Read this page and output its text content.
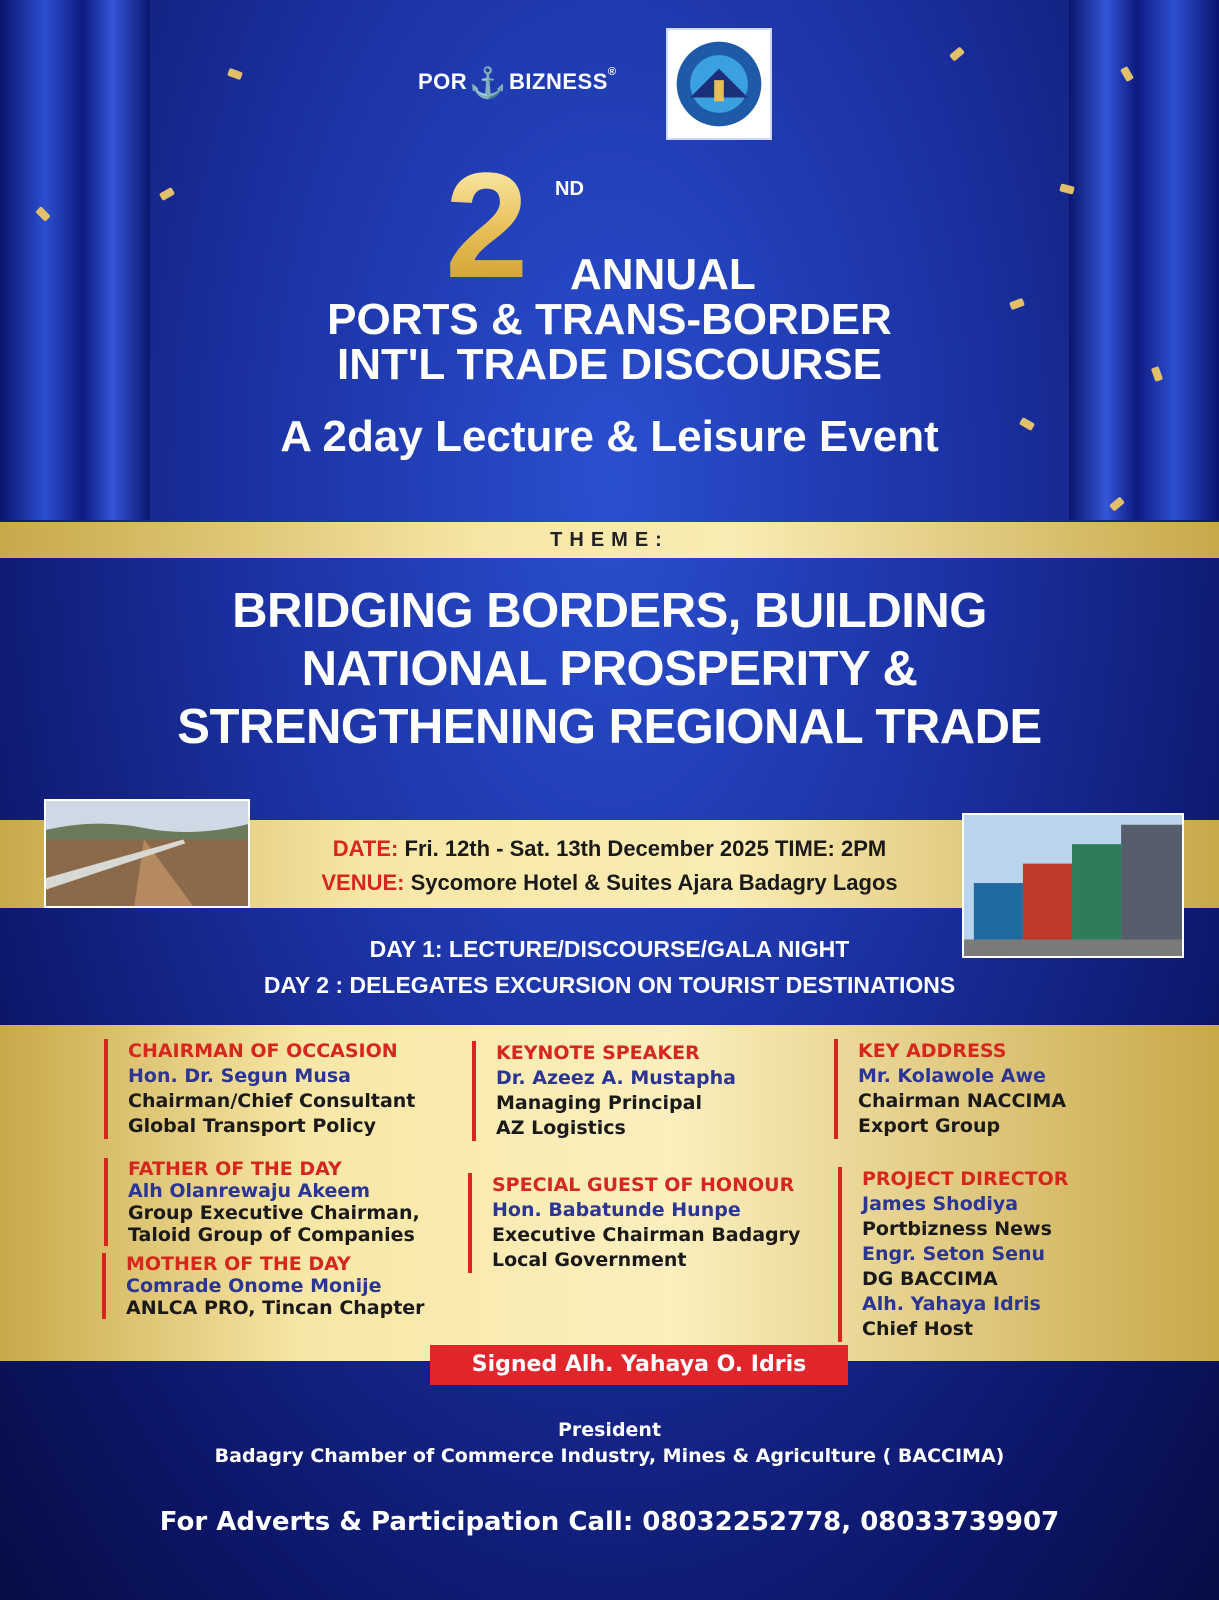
POR⚓BIZNESS®
2 ND
ANNUAL
PORTS & TRANS-BORDER
INT'L TRADE DISCOURSE
A 2day Lecture & Leisure Event
THEME:
BRIDGING BORDERS, BUILDING
NATIONAL PROSPERITY &
STRENGTHENING REGIONAL TRADE
DATE: Fri. 12th - Sat. 13th December 2025 TIME: 2PM
VENUE: Sycomore Hotel & Suites Ajara Badagry Lagos
DAY 1: LECTURE/DISCOURSE/GALA NIGHT
DAY 2 : DELEGATES EXCURSION ON TOURIST DESTINATIONS
CHAIRMAN OF OCCASION
Hon. Dr. Segun Musa
Chairman/Chief Consultant
Global Transport Policy
KEYNOTE SPEAKER
Dr. Azeez A. Mustapha
Managing Principal
AZ Logistics
KEY ADDRESS
Mr. Kolawole Awe
Chairman NACCIMA
Export Group
FATHER OF THE DAY
Alh Olanrewaju Akeem
Group Executive Chairman,
Taloid Group of Companies
SPECIAL GUEST OF HONOUR
Hon. Babatunde Hunpe
Executive Chairman Badagry
Local Government
PROJECT DIRECTOR
James Shodiya
Portbizness News
Engr. Seton Senu
DG BACCIMA
Alh. Yahaya Idris
Chief Host
MOTHER OF THE DAY
Comrade Onome Monije
ANLCA PRO, Tincan Chapter
Signed Alh. Yahaya O. Idris
President
Badagry Chamber of Commerce Industry, Mines & Agriculture ( BACCIMA)
For Adverts & Participation Call: 08032252778, 08033739907
